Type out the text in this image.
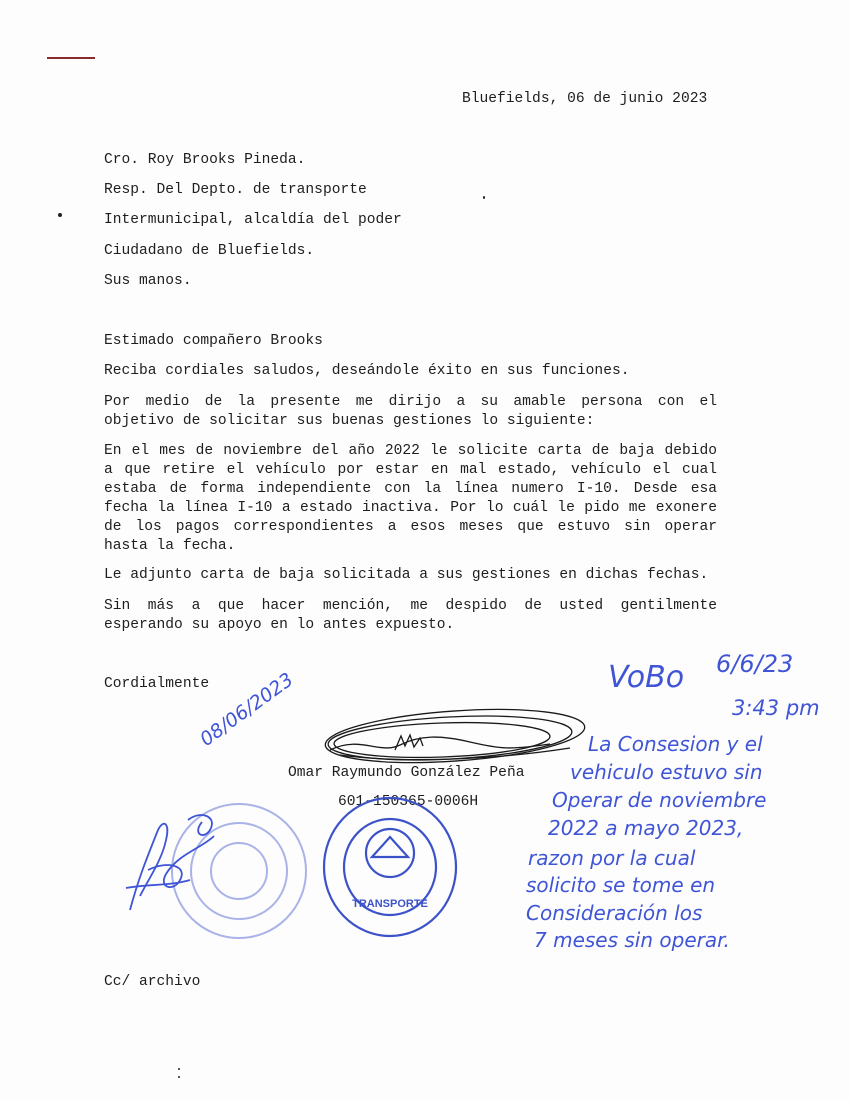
Bluefields, 06 de junio 2023
Cro. Roy Brooks Pineda.
Resp. Del Depto. de transporte
Intermunicipal, alcaldía del poder
Ciudadano de Bluefields.
Sus manos.
Estimado compañero Brooks
Reciba cordiales saludos, deseándole éxito en sus funciones.
Por medio de la presente me dirijo a su amable persona con el objetivo de solicitar sus buenas gestiones lo siguiente:
En el mes de noviembre del año 2022 le solicite carta de baja debido a que retire el vehículo por estar en mal estado, vehículo el cual estaba de forma independiente con la línea numero I-10. Desde esa fecha la línea I-10 a estado inactiva. Por lo cuál le pido me exonere de los pagos correspondientes a esos meses que estuvo sin operar hasta la fecha.
Le adjunto carta de baja solicitada a sus gestiones en dichas fechas.
Sin más a que hacer mención, me despido de usted gentilmente esperando su apoyo en lo antes expuesto.
Cordialmente
Omar Raymundo González Peña
601-150365-0006H
Cc/ archivo
TRANSPORTE
08/06/2023	VoBo 6/6/23
3:43 pm
La Consesion y el
vehiculo estuvo sin
Operar de noviembre
2022 a mayo 2023,
razon por la cual
solicito se tome en
Consideración los
7 meses sin operar.
